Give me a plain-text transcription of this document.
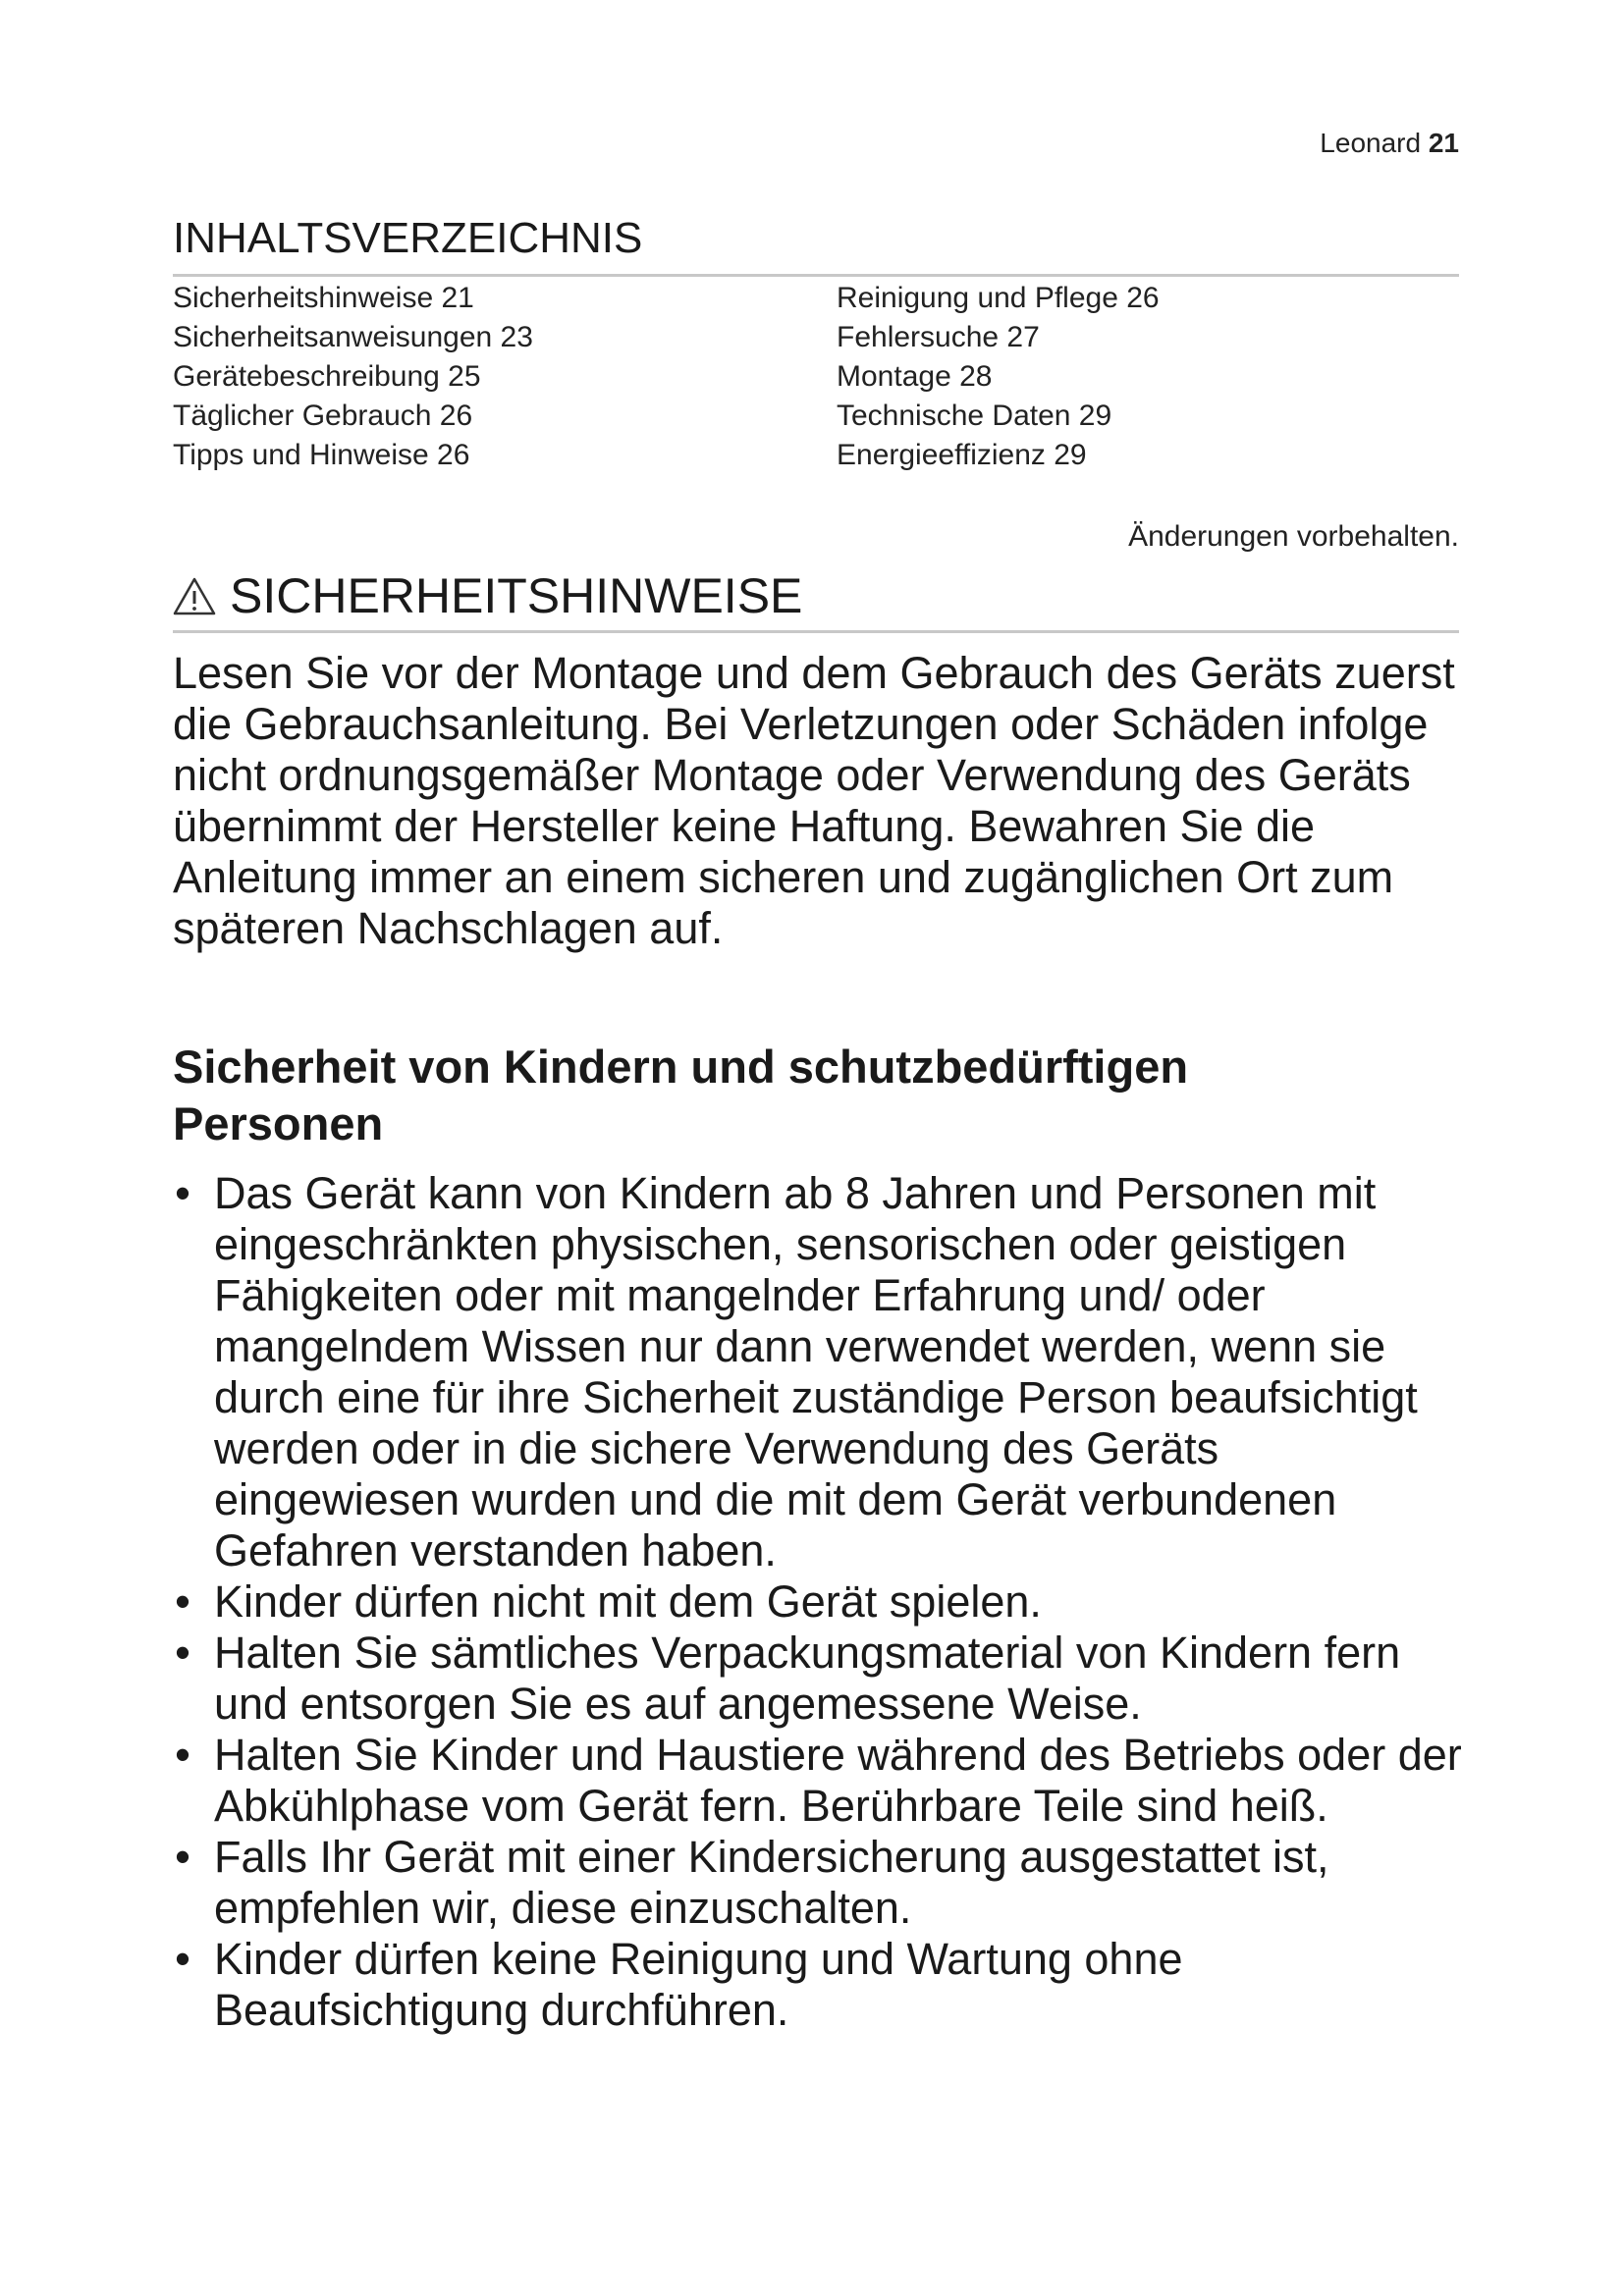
Leonard 21
INHALTSVERZEICHNIS
Sicherheitshinweise 21
Sicherheitsanweisungen 23
Gerätebeschreibung 25
Täglicher Gebrauch 26
Tipps und Hinweise 26
Reinigung und Pflege 26
Fehlersuche 27
Montage 28
Technische Daten 29
Energieeffizienz 29
Änderungen vorbehalten.
SICHERHEITSHINWEISE

Lesen Sie vor der Montage und dem Gebrauch des Geräts zuerst die Gebrauchsanleitung. Bei Verletzungen oder Schäden infolge nicht ordnungsgemäßer Montage oder Verwendung des Geräts übernimmt der Hersteller keine Haftung. Bewahren Sie die Anleitung immer an einem sicheren und zugänglichen Ort zum späteren Nachschlagen auf.

Sicherheit von Kindern und schutzbedürftigen Personen
• Das Gerät kann von Kindern ab 8 Jahren und Personen mit eingeschränkten physischen, sensorischen oder geistigen Fähigkeiten oder mit mangelnder Erfahrung und/ oder mangelndem Wissen nur dann verwendet werden, wenn sie durch eine für ihre Sicherheit zuständige Person beaufsichtigt werden oder in die sichere Verwendung des Geräts eingewiesen wurden und die mit dem Gerät verbundenen Gefahren verstanden haben.
• Kinder dürfen nicht mit dem Gerät spielen.
• Halten Sie sämtliches Verpackungsmaterial von Kindern fern und entsorgen Sie es auf angemessene Weise.
• Halten Sie Kinder und Haustiere während des Betriebs oder der Abkühlphase vom Gerät fern. Berührbare Teile sind heiß.
• Falls Ihr Gerät mit einer Kindersicherung ausgestattet ist, empfehlen wir, diese einzuschalten.
• Kinder dürfen keine Reinigung und Wartung ohne Beaufsichtigung durchführen.
